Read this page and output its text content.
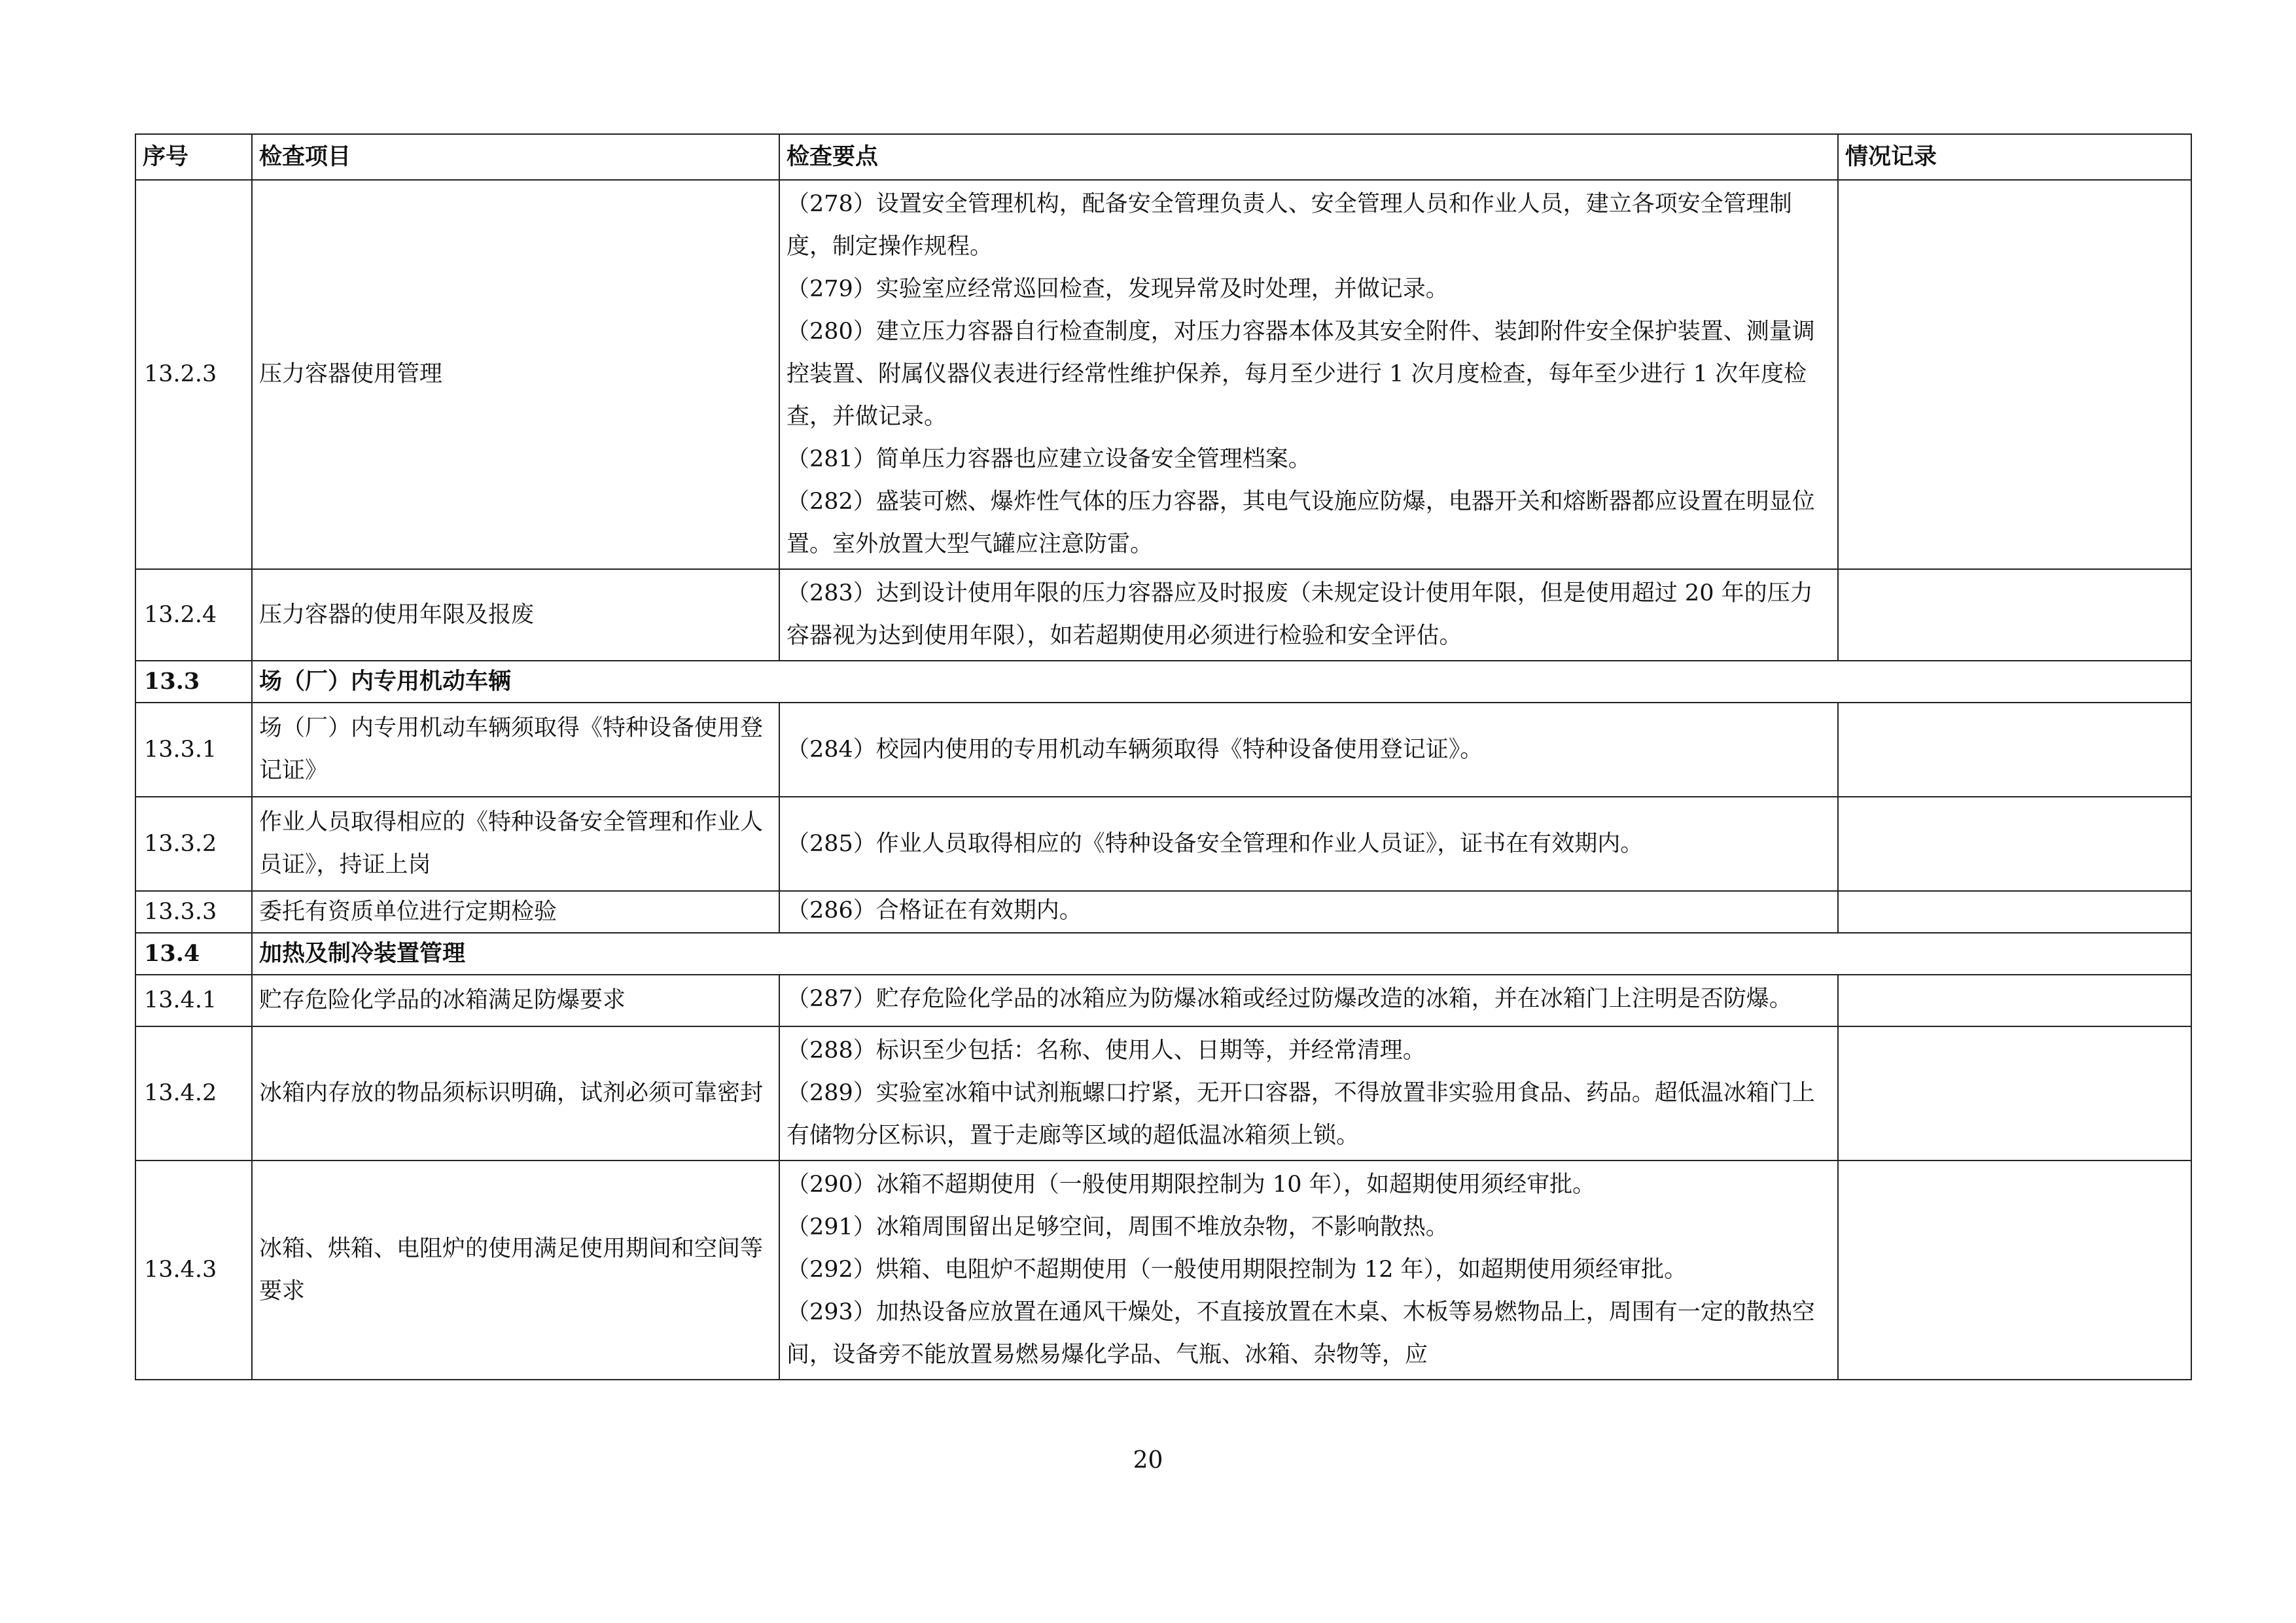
序号	检查项目	检查要点	情况记录
13.2.3	压力容器使用管理	（278）设置安全管理机构，配备安全管理负责人、安全管理人员和作业人员，建立各项安全管理制度，制定操作规程。
（279）实验室应经常巡回检查，发现异常及时处理，并做记录。
（280）建立压力容器自行检查制度，对压力容器本体及其安全附件、装卸附件安全保护装置、测量调控装置、附属仪器仪表进行经常性维护保养，每月至少进行 1 次月度检查，每年至少进行 1 次年度检查，并做记录。
（281）简单压力容器也应建立设备安全管理档案。
（282）盛装可燃、爆炸性气体的压力容器，其电气设施应防爆，电器开关和熔断器都应设置在明显位置。室外放置大型气罐应注意防雷。	

13.2.4	压力容器的使用年限及报废	（283）达到设计使用年限的压力容器应及时报废（未规定设计使用年限，但是使用超过 20 年的压力容器视为达到使用年限），如若超期使用必须进行检验和安全评估。	

13.3	场（厂）内专用机动车辆		
13.3.1	场（厂）内专用机动车辆须取得《特种设备使用登记证》	（284）校园内使用的专用机动车辆须取得《特种设备使用登记证》。	

13.3.2	作业人员取得相应的《特种设备安全管理和作业人员证》，持证上岗	（285）作业人员取得相应的《特种设备安全管理和作业人员证》，证书在有效期内。	

13.3.3	委托有资质单位进行定期检验	（286）合格证在有效期内。	

13.4	加热及制冷装置管理		
13.4.1	贮存危险化学品的冰箱满足防爆要求	（287）贮存危险化学品的冰箱应为防爆冰箱或经过防爆改造的冰箱，并在冰箱门上注明是否防爆。	

13.4.2	冰箱内存放的物品须标识明确，试剂必须可靠密封	（288）标识至少包括：名称、使用人、日期等，并经常清理。
（289）实验室冰箱中试剂瓶螺口拧紧，无开口容器，不得放置非实验用食品、药品。超低温冰箱门上有储物分区标识，置于走廊等区域的超低温冰箱须上锁。	

13.4.3	冰箱、烘箱、电阻炉的使用满足使用期间和空间等要求	（290）冰箱不超期使用（一般使用期限控制为 10 年），如超期使用须经审批。
（291）冰箱周围留出足够空间，周围不堆放杂物，不影响散热。
（292）烘箱、电阻炉不超期使用（一般使用期限控制为 12 年），如超期使用须经审批。
（293）加热设备应放置在通风干燥处，不直接放置在木桌、木板等易燃物品上，周围有一定的散热空间，设备旁不能放置易燃易爆化学品、气瓶、冰箱、杂物等，应	

20
